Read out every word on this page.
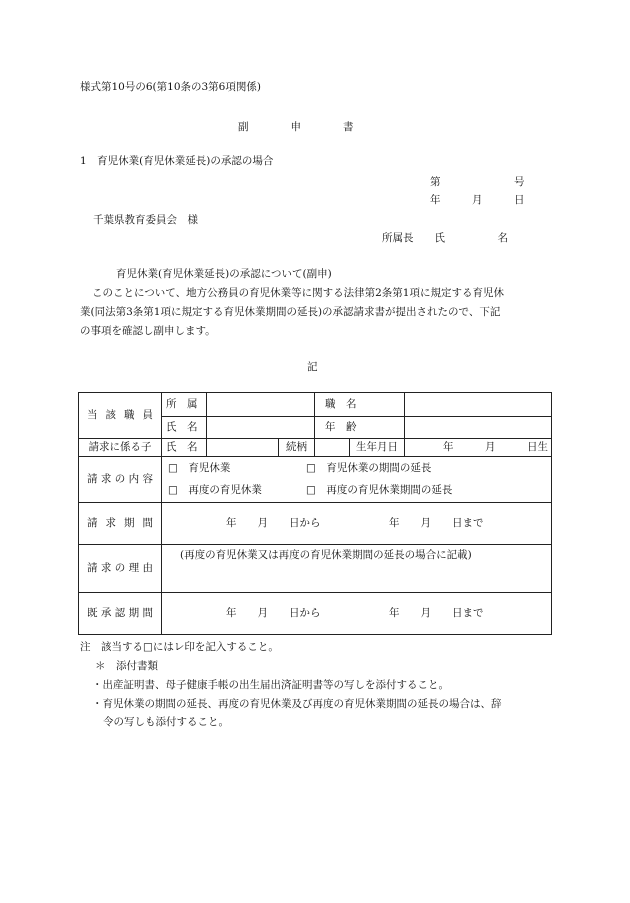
様式第10号の6(第10条の3第6項関係)
副　　　　申　　　　書
1　育児休業(育児休業延長)の承認の場合
第　　　　　　　号
年　　　月　　　日
千葉県教育委員会　様
所属長　　氏　　　　　名
育児休業(育児休業延長)の承認について(副申)
このことについて、地方公務員の育児休業等に関する法律第2条第1項に規定する育児休
業(同法第3条第1項に規定する育児休業期間の延長)の承認請求書が提出されたので、下記
の事項を確認し副申します。
記
当該職員	所　属			職　名		
	氏　名			年　齢		
請求に係る子	氏　名		続柄		生年月日	年　　　月　　　日生
請求の内容	□　育児休業 □　育児休業の期間の延長
□　再度の育児休業 □　再度の育児休業期間の延長					

請求期間	年　　月　　日から 年　　月　　日まで					

請求の理由	(再度の育児休業又は再度の育児休業期間の延長の場合に記載)					

既承認期間	年　　月　　日から 年　　月　　日まで					
注　該当する□にはレ印を記入すること。
＊　添付書類
・出産証明書、母子健康手帳の出生届出済証明書等の写しを添付すること。
・育児休業の期間の延長、再度の育児休業及び再度の育児休業期間の延長の場合は、辞
令の写しも添付すること。
